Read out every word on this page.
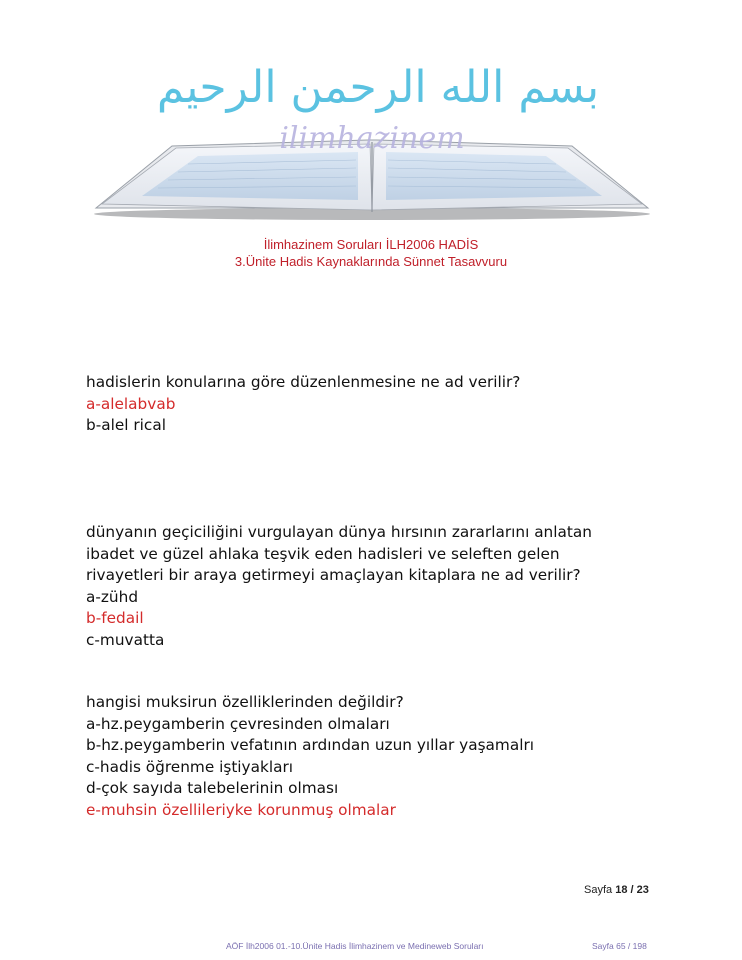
بسم الله الرحمن الرحيم
ilimhazinem
İlimhazinem Soruları İLH2006 HADİS
3.Ünite Hadis Kaynaklarında Sünnet Tasavvuru

hadislerin konularına göre düzenlenmesine ne ad verilir?

a-alelabvab

b-alel rical

dünyanın geçiciliğini vurgulayan dünya hırsının zararlarını anlatan

ibadet ve güzel ahlaka teşvik eden hadisleri ve seleften gelen

rivayetleri bir araya getirmeyi amaçlayan kitaplara ne ad verilir?

a-zühd

b-fedail

c-muvatta

hangisi muksirun özelliklerinden değildir?

a-hz.peygamberin çevresinden olmaları

b-hz.peygamberin vefatının ardından uzun yıllar yaşamalrı

c-hadis öğrenme iştiyakları

d-çok sayıda talebelerinin olması

e-muhsin özellileriyke korunmuş olmalar

Sayfa 18 / 23
AÖF İlh2006 01.-10.Ünite Hadis İlimhazinem ve Medineweb Soruları	Sayfa 65 / 198
